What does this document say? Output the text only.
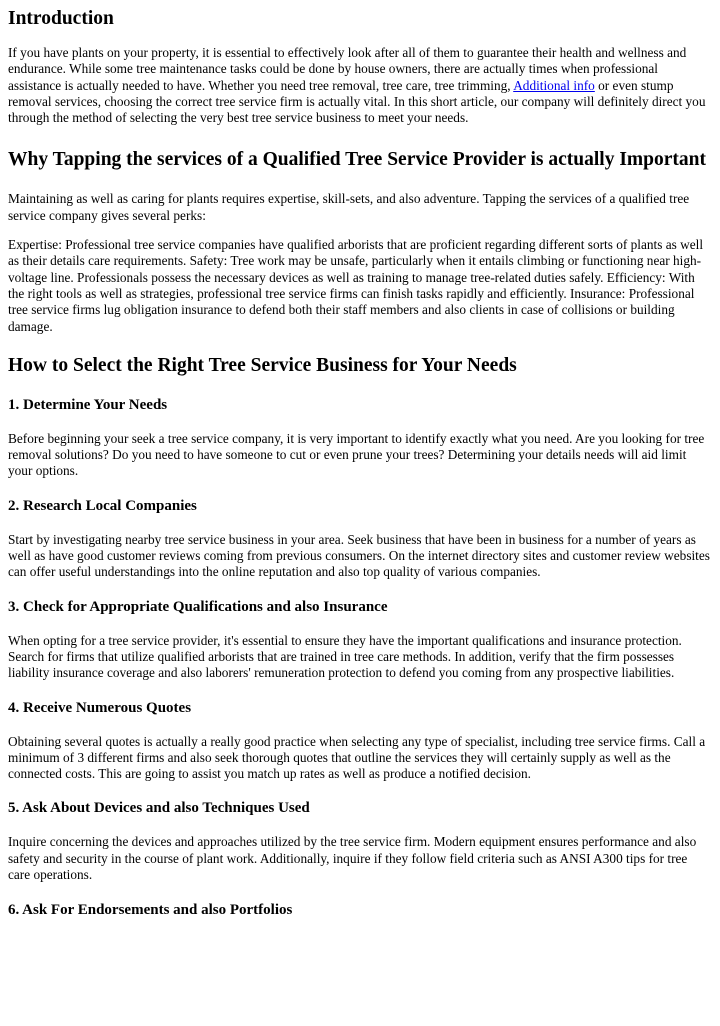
Introduction

If you have plants on your property, it is essential to effectively look after all of them to guarantee their health and wellness and endurance. While some tree maintenance tasks could be done by house owners, there are actually times when professional assistance is actually needed to have. Whether you need tree removal, tree care, tree trimming, Additional info or even stump removal services, choosing the correct tree service firm is actually vital. In this short article, our company will definitely direct you through the method of selecting the very best tree service business to meet your needs.

Why Tapping the services of a Qualified Tree Service Provider is actually Important

Maintaining as well as caring for plants requires expertise, skill-sets, and also adventure. Tapping the services of a qualified tree service company gives several perks:

Expertise: Professional tree service companies have qualified arborists that are proficient regarding different sorts of plants as well as their details care requirements. Safety: Tree work may be unsafe, particularly when it entails climbing or functioning near high-voltage line. Professionals possess the necessary devices as well as training to manage tree-related duties safely. Efficiency: With the right tools as well as strategies, professional tree service firms can finish tasks rapidly and efficiently. Insurance: Professional tree service firms lug obligation insurance to defend both their staff members and also clients in case of collisions or building damage.

How to Select the Right Tree Service Business for Your Needs
1. Determine Your Needs

Before beginning your seek a tree service company, it is very important to identify exactly what you need. Are you looking for tree removal solutions? Do you need to have someone to cut or even prune your trees? Determining your details needs will aid limit your options.

2. Research Local Companies

Start by investigating nearby tree service business in your area. Seek business that have been in business for a number of years as well as have good customer reviews coming from previous consumers. On the internet directory sites and customer review websites can offer useful understandings into the online reputation and also top quality of various companies.

3. Check for Appropriate Qualifications and also Insurance

When opting for a tree service provider, it's essential to ensure they have the important qualifications and insurance protection. Search for firms that utilize qualified arborists that are trained in tree care methods. In addition, verify that the firm possesses liability insurance coverage and also laborers' remuneration protection to defend you coming from any prospective liabilities.

4. Receive Numerous Quotes

Obtaining several quotes is actually a really good practice when selecting any type of specialist, including tree service firms. Call a minimum of 3 different firms and also seek thorough quotes that outline the services they will certainly supply as well as the connected costs. This are going to assist you match up rates as well as produce a notified decision.

5. Ask About Devices and also Techniques Used

Inquire concerning the devices and approaches utilized by the tree service firm. Modern equipment ensures performance and also safety and security in the course of plant work. Additionally, inquire if they follow field criteria such as ANSI A300 tips for tree care operations.

6. Ask For Endorsements and also Portfolios
